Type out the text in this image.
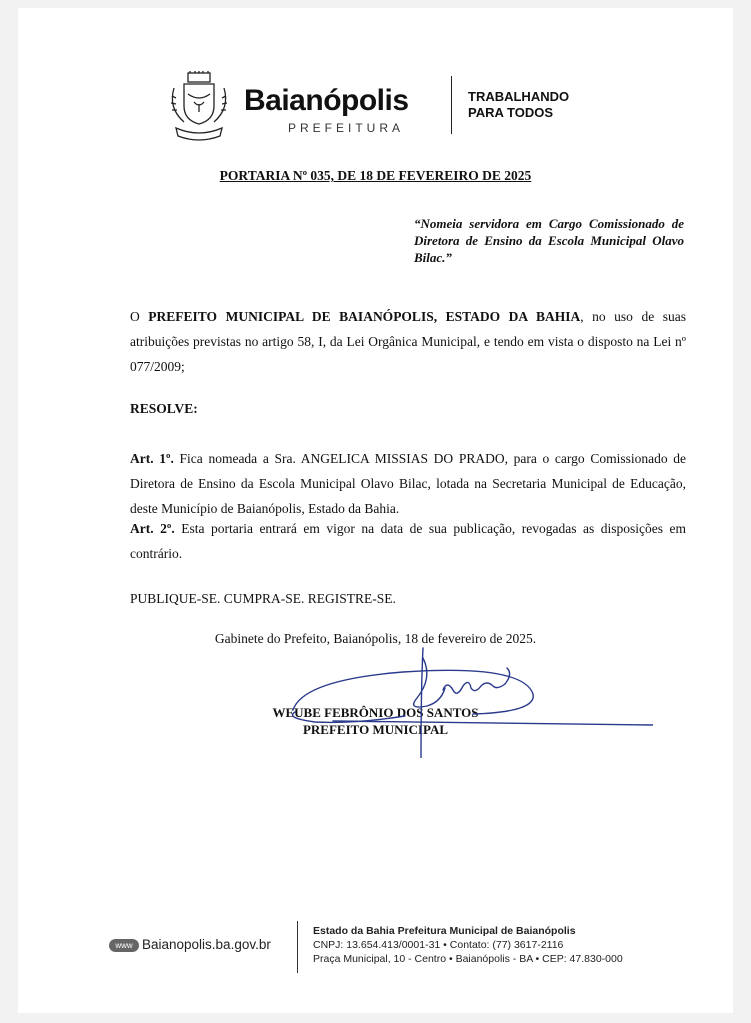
Baianópolis
PREFEITURA
TRABALHANDO
PARA TODOS
PORTARIA Nº 035, DE 18 DE FEVEREIRO DE 2025
“Nomeia servidora em Cargo Comissionado de Diretora de Ensino da Escola Municipal Olavo Bilac.”
O PREFEITO MUNICIPAL DE BAIANÓPOLIS, ESTADO DA BAHIA, no uso de suas atribuições previstas no artigo 58, I, da Lei Orgânica Municipal, e tendo em vista o disposto na Lei nº 077/2009;
RESOLVE:
Art. 1º. Fica nomeada a Sra. ANGELICA MISSIAS DO PRADO, para o cargo Comissionado de Diretora de Ensino da Escola Municipal Olavo Bilac, lotada na Secretaria Municipal de Educação, deste Município de Baianópolis, Estado da Bahia.
Art. 2º. Esta portaria entrará em vigor na data de sua publicação, revogadas as disposições em contrário.
PUBLIQUE-SE. CUMPRA-SE. REGISTRE-SE.
Gabinete do Prefeito, Baianópolis, 18 de fevereiro de 2025.
WEUBE FEBRÔNIO DOS SANTOS
PREFEITO MUNICIPAL
www Baianopolis.ba.gov.br
Estado da Bahia Prefeitura Municipal de Baianópolis
CNPJ: 13.654.413/0001-31 • Contato: (77) 3617-2116
Praça Municipal, 10 - Centro • Baianópolis - BA • CEP: 47.830-000
